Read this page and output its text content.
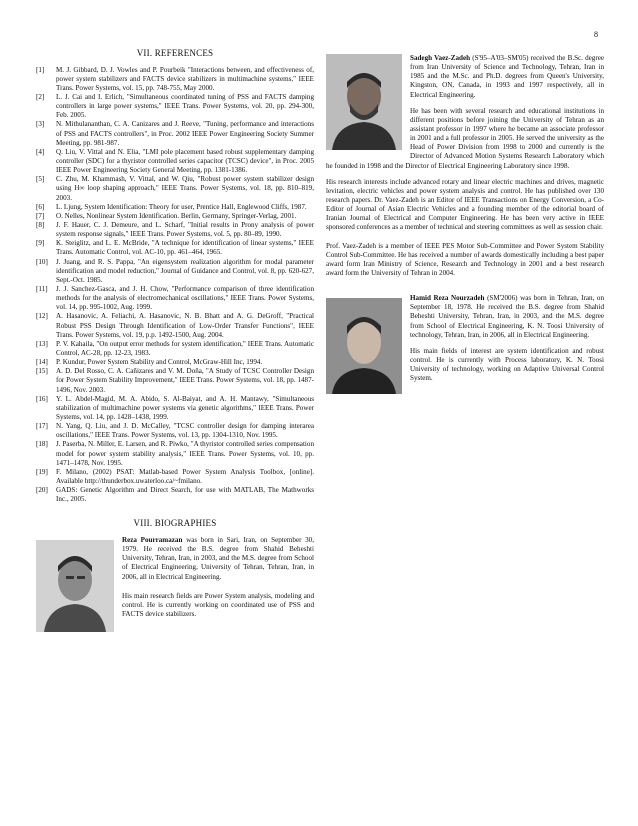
8
VII. REFERENCES
[1]	M. J. Gibbard, D. J. Vowles and P. Pourbeik "Interactions between, and effectiveness of, power system stabilizers and FACTS device stabilizers in multimachine systems," IEEE Trans. Power Systems, vol. 15, pp. 748-755, May 2000.
[2]	L. J. Cai and I. Erlich, "Simultaneous coordinated tuning of PSS and FACTS damping controllers in large power systems," IEEE Trans. Power Systems, vol. 20, pp. 294-300, Feb. 2005.
[3]	N. Mithulananthan, C. A. Canizares and J. Reeve, "Tuning, performance and interactions of PSS and FACTS controllers", in Proc. 2002 IEEE Power Engineering Society Summer Meeting, pp. 981-987.
[4]	Q. Liu, V. Vittal and N. Elia, "LMI pole placement based robust supplementary damping controller (SDC) for a thyristor controlled series capacitor (TCSC) device", in Proc. 2005 IEEE Power Engineering Society General Meeting, pp. 1381-1386.
[5]	C. Zhu, M. Khammash, V. Vittal, and W. Qiu, "Robust power system stabilizer design using H∞ loop shaping approach," IEEE Trans. Power Systems, vol. 18, pp. 810–819, 2003.
[6]	L. Ljung, System Identification: Theory for user, Prentice Hall, Englewood Cliffs, 1987.
[7]	O. Nelles, Nonlinear System Identification. Berlin, Germany, Springer-Verlag, 2001.
[8]	J. F. Hauer, C. J. Demeure, and L. Scharf, "Initial results in Prony analysis of power system response signals," IEEE Trans. Power Systems, vol. 5, pp. 80–89, 1990.
[9]	K. Steiglitz, and L. E. McBride, "A technique for identification of linear systems," IEEE Trans. Automatic Control, vol. AC-10, pp. 461–464, 1965.
[10]	J. Juang, and R. S. Pappa, "An eigensystem realization algorithm for modal parameter identification and model reduction," Journal of Guidance and Control, vol. 8, pp. 620-627, Sept.-Oct. 1985.
[11]	J. J. Sanchez-Gasca, and J. H. Chow, "Performance comparison of three identification methods for the analysis of electromechanical oscillations," IEEE Trans. Power Systems, vol. 14, pp. 995-1002, Aug. 1999.
[12]	A. Hasanovic, A. Feliachi, A. Hasanovic, N. B. Bhatt and A. G. DeGroff, "Practical Robust PSS Design Through Identification of Low-Order Transfer Functions", IEEE Trans. Power Systems, vol. 19, p.p. 1492-1500, Aug. 2004.
[13]	P. V. Kahaila, "On output error methods for system identification," IEEE Trans. Automatic Control, AC-28, pp. 12-23, 1983.
[14]	P. Kundur, Power System Stability and Control, McGraw-Hill Inc, 1994.
[15]	A. D. Del Rosso, C. A. Cañizares and V. M. Doña, "A Study of TCSC Controller Design for Power System Stability Improvement," IEEE Trans. Power Systems, vol. 18, pp. 1487-1496, Nov. 2003.
[16]	Y. L. Abdel-Magid, M. A. Abido, S. Al-Baiyat, and A. H. Mantawy, "Simultaneous stabilization of multimachine power systems via genetic algorithms," IEEE Trans. Power Systems, vol. 14, pp. 1428–1438, 1999.
[17]	N. Yang, Q. Liu, and J. D. McCalley, "TCSC controller design for damping interarea oscillations," IEEE Trans. Power Systems, vol. 13, pp. 1304-1310, Nov. 1995.
[18]	J. Paserba, N. Miller, E. Larsen, and R. Piwko, "A thyristor controlled series compensation model for power system stability analysis," IEEE Trans. Power Systems, vol. 10, pp. 1471–1478, Nov. 1995.
[19]	F. Milano, (2002) PSAT: Matlab-based Power System Analysis Toolbox, [online]. Available http://thunderbox.uwaterloo.ca/~fmilano.
[20]	GADS: Genetic Algorithm and Direct Search, for use with MATLAB, The Mathworks Inc., 2005.
VIII. BIOGRAPHIES

Reza Pourramazan was born in Sari, Iran, on September 30, 1979. He received the B.S. degree from Shahid Beheshti University, Tehran, Iran, in 2003, and the M.S. degree from School of Electrical Engineering, University of Tehran, Tehran, Iran, in 2006, all in Electrical Engineering.

His main research fields are Power System analysis, modeling and control. He is currently working on coordinated use of PSS and FACTS device stabilizers.

Sadegh Vaez-Zadeh (S'95–A'03–SM'05) received the B.Sc. degree from Iran University of Science and Technology, Tehran, Iran in 1985 and the M.Sc. and Ph.D. degrees from Queen's University, Kingston, ON, Canada, in 1993 and 1997 respectively, all in Electrical Engineering.

He has been with several research and educational institutions in different positions before joining the University of Tehran as an assistant professor in 1997 where he became an associate professor in 2001 and a full professor in 2005. He served the university as the Head of Power Division from 1998 to 2000 and currently is the Director of Advanced Motion Systems Research Laboratory which he founded in 1998 and the Director of Electrical Engineering Laboratory since 1998.

His research interests include advanced rotary and linear electric machines and drives, magnetic levitation, electric vehicles and power system analysis and control. He has published over 130 research papers. Dr. Vaez-Zadeh is an Editor of IEEE Transactions on Energy Conversion, a Co-Editor of Journal of Asian Electric Vehicles and a founding member of the editorial board of Iranian Journal of Electrical and Computer Engineering. He has been very active in IEEE sponsored conferences as a member of technical and steering committees as well as session chair.

Prof. Vaez-Zadeh is a member of IEEE PES Motor Sub-Committee and Power System Stability Control Sub-Committee. He has received a number of awards domestically including a best paper award form Iran Ministry of Science, Research and Technology in 2001 and a best research award form the University of Tehran in 2004.

Hamid Reza Nourzadeh (SM'2006) was born in Tehran, Iran, on September 18, 1978. He received the B.S. degree from Shahid Beheshti University, Tehran, Iran, in 2003, and the M.S. degree from School of Electrical Engineering, K. N. Toosi University of technology, Tehran, Iran, in 2006, all in Electrical Engineering.

His main fields of interest are system identification and robust control. He is currently with Process laboratory, K. N. Toosi University of technology, working on Adaptive Universal Control System.
